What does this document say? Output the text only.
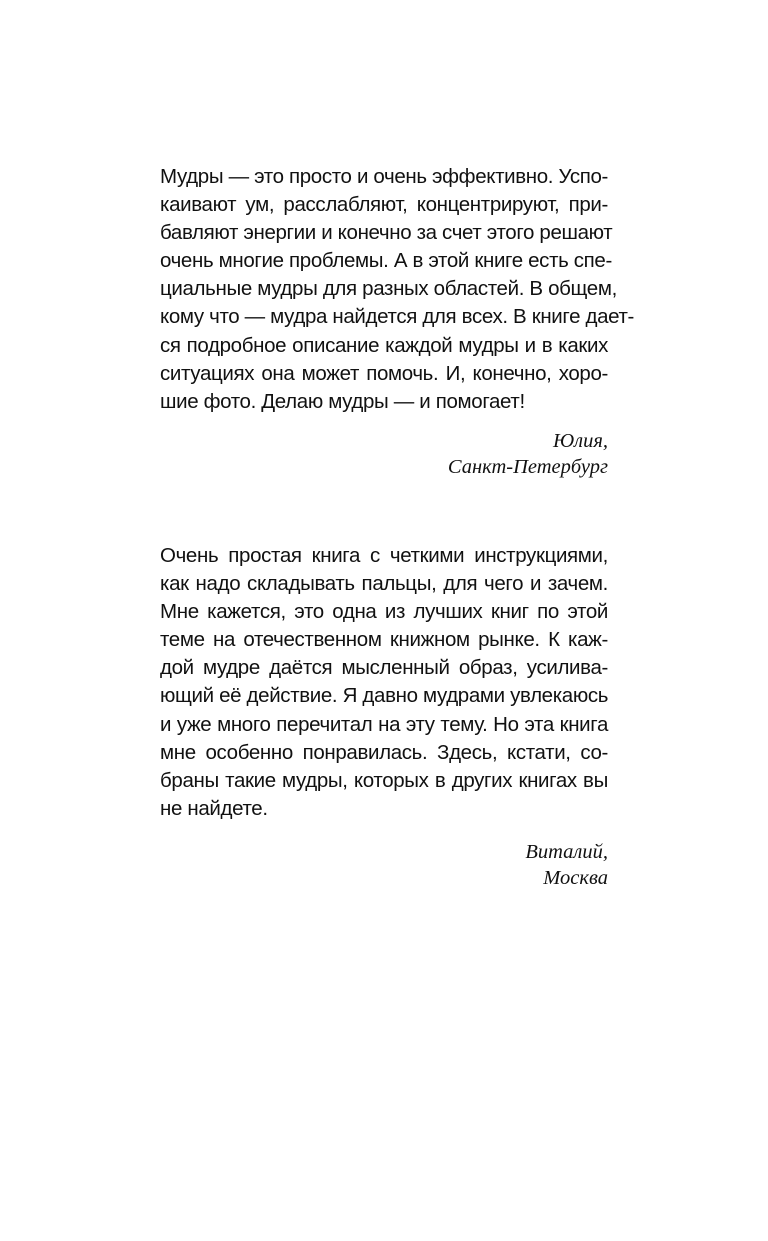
Мудры — это просто и очень эффективно. Успо-
каивают ум, расслабляют, концентрируют, при-
бавляют энергии и конечно за счет этого решают
очень многие проблемы. А в этой книге есть спе-
циальные мудры для разных областей. В общем,
кому что — мудра найдется для всех. В книге дает-
ся подробное описание каждой мудры и в каких
ситуациях она может помочь. И, конечно, хоро-
шие фото. Делаю мудры — и помогает!

Юлия,
Санкт-Петербург

Очень простая книга с четкими инструкциями,
как надо складывать пальцы, для чего и зачем.
Мне кажется, это одна из лучших книг по этой
теме на отечественном книжном рынке. К каж-
дой мудре даётся мысленный образ, усилива-
ющий её действие. Я давно мудрами увлекаюсь
и уже много перечитал на эту тему. Но эта книга
мне особенно понравилась. Здесь, кстати, со-
браны такие мудры, которых в других книгах вы
не найдете.

Виталий,
Москва
